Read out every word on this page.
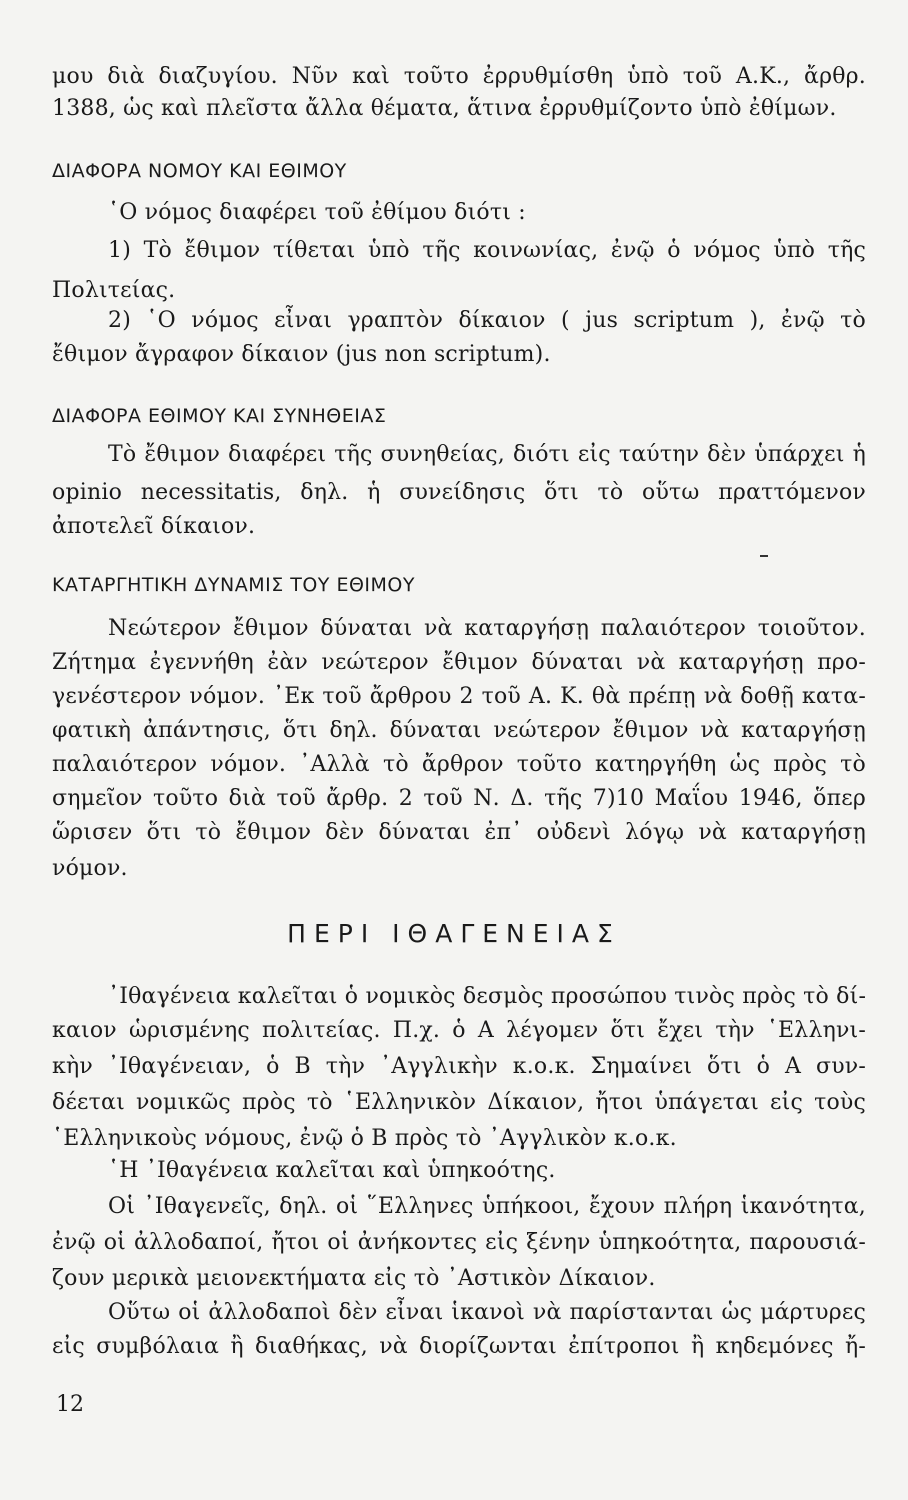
μου διὰ διαζυγίου. Νῦν καὶ τοῦτο ἐρρυθμίσθη ὑπὸ τοῦ Α.Κ., ἄρθρ.
1388, ὡς καὶ πλεῖστα ἄλλα θέματα, ἅτινα ἐρρυθμίζοντο ὑπὸ ἐθίμων.
ΔΙΑΦΟΡΑ ΝΟΜΟΥ ΚΑΙ ΕΘΙΜΟΥ
῾Ο νόμος διαφέρει τοῦ ἐθίμου διότι :
1) Τὸ ἔθιμον τίθεται ὑπὸ τῆς κοινωνίας, ἐνῷ ὁ νόμος ὑπὸ τῆς
Πολιτείας.
2) ῾Ο νόμος εἶναι γραπτὸν δίκαιον ( jus scriptum ), ἐνῷ τὸ
ἔθιμον ἄγραφον δίκαιον (jus non scriptum).
ΔΙΑΦΟΡΑ ΕΘΙΜΟΥ ΚΑΙ ΣΥΝΗΘΕΙΑΣ
Τὸ ἔθιμον διαφέρει τῆς συνηθείας, διότι εἰς ταύτην δὲν ὑπάρχει ἡ
opinio necessitatis, δηλ. ἡ συνείδησις ὅτι τὸ οὕτω πραττόμενον
ἀποτελεῖ δίκαιον.
ΚΑΤΑΡΓΗΤΙΚΗ ΔΥΝΑΜΙΣ ΤΟΥ ΕΘΙΜΟΥ
Νεώτερον ἔθιμον δύναται νὰ καταργήσῃ παλαιότερον τοιοῦτον.
Ζήτημα ἐγεννήθη ἐὰν νεώτερον ἔθιμον δύναται νὰ καταργήσῃ προ-
γενέστερον νόμον. ᾿Εκ τοῦ ἄρθρου 2 τοῦ Α. Κ. θὰ πρέπῃ νὰ δοθῇ κατα-
φατικὴ ἀπάντησις, ὅτι δηλ. δύναται νεώτερον ἔθιμον νὰ καταργήσῃ
παλαιότερον νόμον. ᾿Αλλὰ τὸ ἄρθρον τοῦτο κατηργήθη ὡς πρὸς τὸ
σημεῖον τοῦτο διὰ τοῦ ἄρθρ. 2 τοῦ Ν. Δ. τῆς 7)10 Μαΐου 1946, ὅπερ
ὥρισεν ὅτι τὸ ἔθιμον δὲν δύναται ἐπ᾿ οὐδενὶ λόγῳ νὰ καταργήσῃ
νόμον.
ΠΕΡΙ ΙΘΑΓΕΝΕΙΑΣ
᾿Ιθαγένεια καλεῖται ὁ νομικὸς δεσμὸς προσώπου τινὸς πρὸς τὸ δί-
καιον ὡρισμένης πολιτείας. Π.χ. ὁ Α λέγομεν ὅτι ἔχει τὴν ῾Ελληνι-
κὴν ᾿Ιθαγένειαν, ὁ Β τὴν ᾿Αγγλικὴν κ.ο.κ. Σημαίνει ὅτι ὁ Α συν-
δέεται νομικῶς πρὸς τὸ ῾Ελληνικὸν Δίκαιον, ἤτοι ὑπάγεται εἰς τοὺς
῾Ελληνικοὺς νόμους, ἐνῷ ὁ Β πρὸς τὸ ᾿Αγγλικὸν κ.ο.κ.
῾Η ᾿Ιθαγένεια καλεῖται καὶ ὑπηκοότης.
Οἱ ᾿Ιθαγενεῖς, δηλ. οἱ ῞Ελληνες ὑπήκοοι, ἔχουν πλήρη ἱκανότητα,
ἐνῷ οἱ ἀλλοδαποί, ἤτοι οἱ ἀνήκοντες εἰς ξένην ὑπηκοότητα, παρουσιά-
ζουν μερικὰ μειονεκτήματα εἰς τὸ ᾿Αστικὸν Δίκαιον.
Οὕτω οἱ ἀλλοδαποὶ δὲν εἶναι ἱκανοὶ νὰ παρίστανται ὡς μάρτυρες
εἰς συμβόλαια ἢ διαθήκας, νὰ διορίζωνται ἐπίτροποι ἢ κηδεμόνες ἤ-
12
